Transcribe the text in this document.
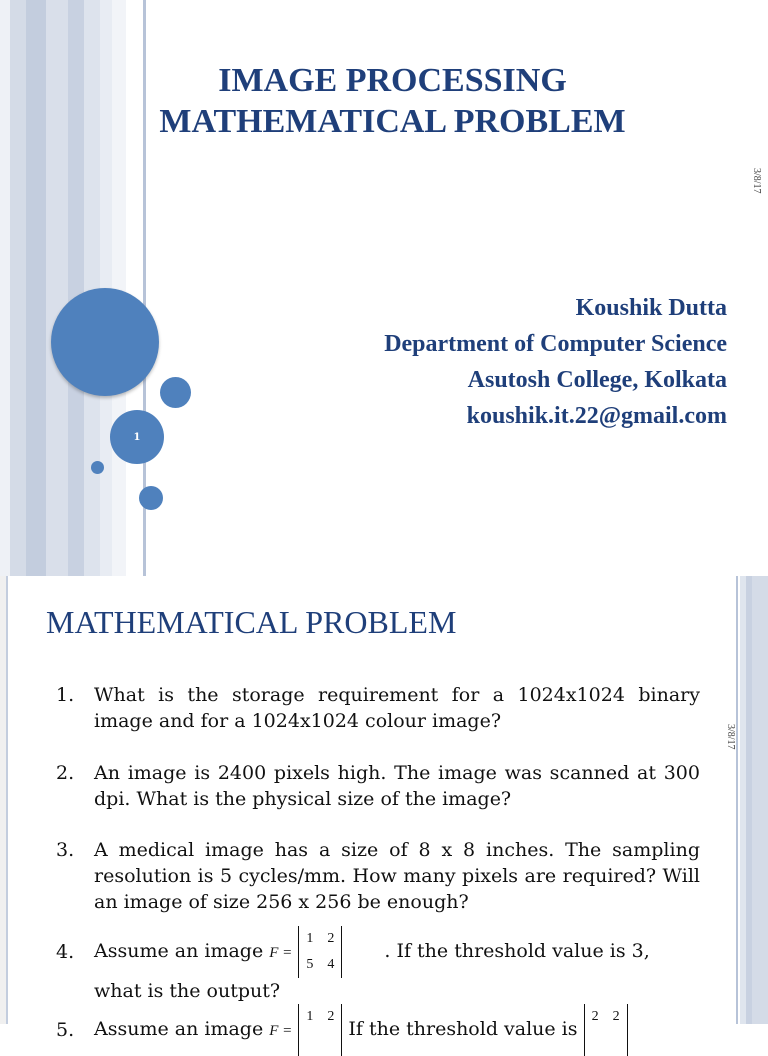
1
IMAGE PROCESSING
MATHEMATICAL PROBLEM
3/8/17
Koushik Dutta
Department of Computer Science
Asutosh College, Kolkata
koushik.it.22@gmail.com
MATHEMATICAL PROBLEM
3/8/17
1.	What is the storage requirement for a 1024x1024 binary image and for a 1024x1024 colour image?
2.	An image is 2400 pixels high. The image was scanned at 300 dpi. What is the physical size of the image?
3.	A medical image has a size of 8 x 8 inches. The sampling resolution is 5 cycles/mm. How many pixels are required? Will an image of size 256 x 256 be enough?
4.	Assume an image F =
1	2
5	4
. If the threshold value is 3, what is the output?
5.	Assume an image F =
1	2

If the threshold value is
2	2
